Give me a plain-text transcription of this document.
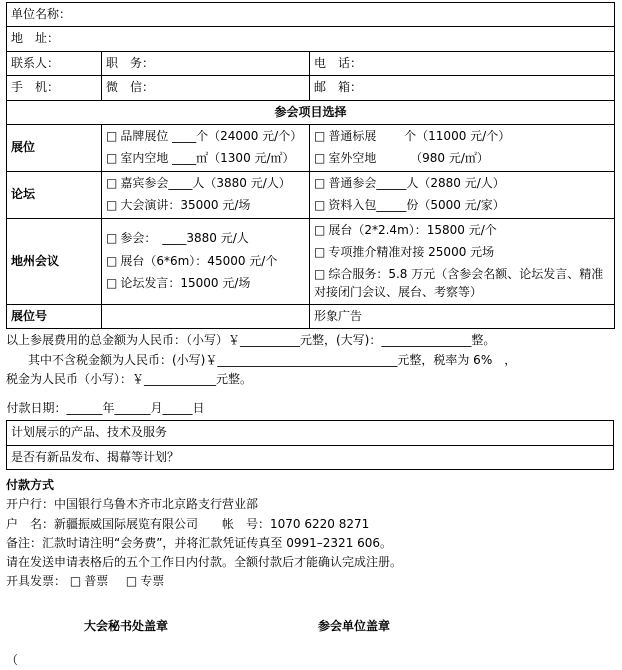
单位名称：		
地　址：		
联系人：	职　务：	电　话：
手　机：	微　信：	邮　箱：
参会项目选择		
展位	
□ 品牌展位 ____个（24000 元/个）
□ 室内空地 ____㎡（1300 元/㎡）

□ 普通标展 　　个（11000 元/个）
□ 室外空地 　　　（980 元/㎡）

论坛	
□ 嘉宾参会____人（3880 元/人）
□ 大会演讲：35000 元/场

□ 普通参会_____人（2880 元/人）
□ 资料入包_____份（5000 元/家）

地州会议	
□ 参会：　____3880 元/人
□ 展台（6*6m）：45000 元/个
□ 论坛发言：15000 元/场

□ 展台（2*2.4m）：15800 元/个
□ 专项推介精准对接 25000 元场
□ 综合服务：5.8 万元（含参会名额、论坛发言、精准对接闭门会议、展台、考察等）

展位号		形象广告
以上参展费用的总金额为人民币：（小写）￥__________元整，(大写)：_______________整。
其中不含税金额为人民币：(小写)￥______________________________元整，税率为 6%　，
税金为人民币（小写）：￥____________元整。
付款日期：______年______月_____日
计划展示的产品、技术及服务
是否有新品发布、揭幕等计划？
付款方式
开户行：中国银行乌鲁木齐市北京路支行营业部
户　名：新疆振威国际展览有限公司　　帐　号：1070 6220 8271
备注：汇款时请注明“会务费”，并将汇款凭证传真至 0991–2321 606。
请在发送申请表格后的五个工作日内付款。全额付款后才能确认完成注册。
开具发票： □ 普票	□ 专票
大会秘书处盖章	参会单位盖章
（
